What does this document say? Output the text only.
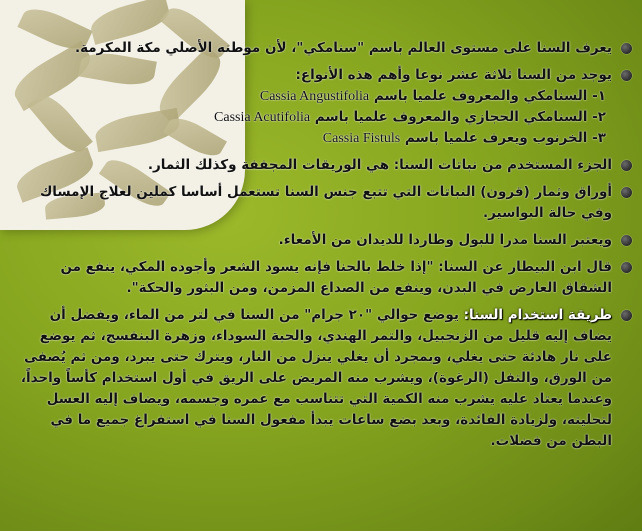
يعرف السنا على مستوى العالم باسم "سنامكي"، لأن موطنه الأصلي مكة المكرمة.
يوجد من السنا ثلاثة عشر نوعا وأهم هذه الأنواع:
١- السنامكي والمعروف علميا باسم Cassia Angustifolia
٢- السنامكي الحجازي والمعروف علميا باسم Cassia Acutifolia
٣- الخرنوب ويعرف علميا باسم Cassia Fistuls
الجزء المستخدم من نباتات السنا: هي الوريقات المجففة وكذلك الثمار.
أوراق وثمار (قرون) النباتات التي تتبع جنس السنا تستعمل أساسا كملين لعلاج الإمساك وفي حالة البواسير.
ويعتبر السنا مدرا للبول وطاردا للديدان من الأمعاء.
قال ابن البيطار عن السنا: "إذا خلط بالحنا فإنه يسود الشعر وأجوده المكي، ينفع من الشقاق العارض في البدن، وينفع من الصداع المزمن، ومن البثور والحكة".
طريقة استخدام السنا: يوضع حوالي "٢٠ جرام" من السنا في لتر من الماء، ويفضل أن يضاف إليه قليل من الزنجبيل، والتمر الهندي، والحبة السوداء، وزهرة البنفسج، ثم يوضع على نار هادئة حتى يغلي، وبمجرد أن يغلي ينزل من النار، ويترك حتى يبرد، ومن ثم يُصفى من الورق، والتفل (الرغوة)، ويشرب منه المريض على الريق في أول استخدام كأساً واحداً، وعندما يعتاد عليه يشرب منه الكمية التي تتناسب مع عمره وجسمه، ويضاف إليه العسل لتحليته، ولزيادة الفائدة، وبعد بضع ساعات يبدأ مفعول السنا في استفراغ جميع ما في البطن من فضلات.
